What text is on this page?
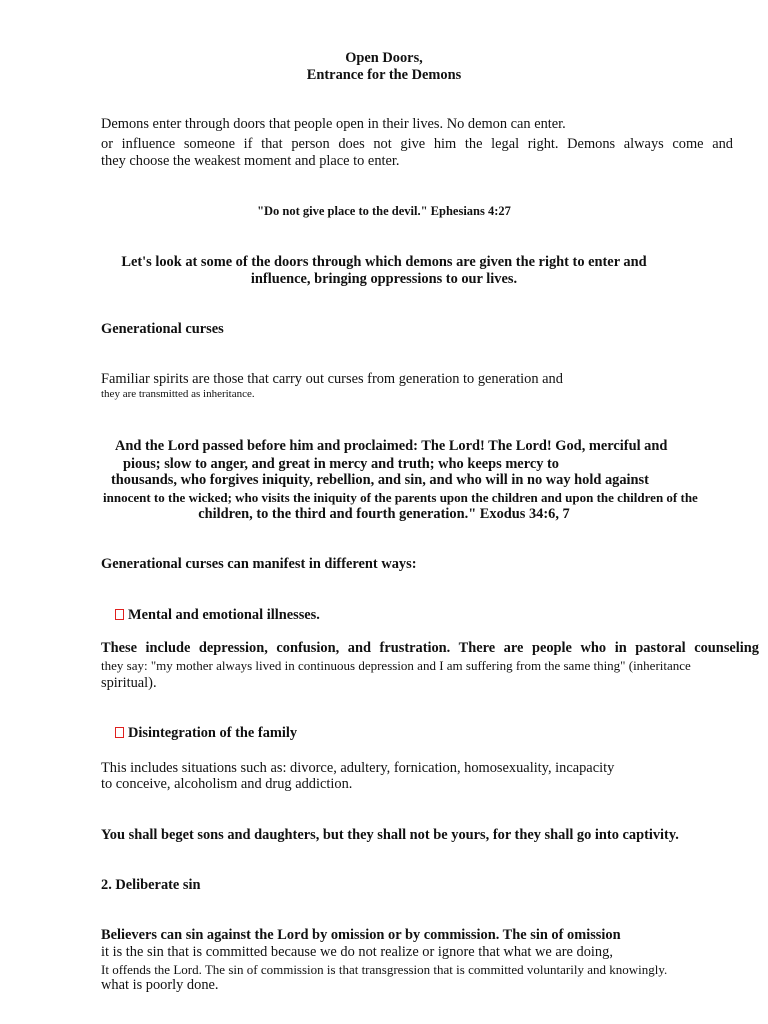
Open Doors,
Entrance for the Demons
Demons enter through doors that people open in their lives. No demon can enter.
or influence someone if that person does not give him the legal right. Demons always come and
they choose the weakest moment and place to enter.
"Do not give place to the devil." Ephesians 4:27
Let's look at some of the doors through which demons are given the right to enter and
influence, bringing oppressions to our lives.
Generational curses
Familiar spirits are those that carry out curses from generation to generation and
they are transmitted as inheritance.
And the Lord passed before him and proclaimed: The Lord! The Lord! God, merciful and
pious; slow to anger, and great in mercy and truth; who keeps mercy to
thousands, who forgives iniquity, rebellion, and sin, and who will in no way hold against
innocent to the wicked; who visits the iniquity of the parents upon the children and upon the children of the
children, to the third and fourth generation." Exodus 34:6, 7
Generational curses can manifest in different ways:
Mental and emotional illnesses.
These include depression, confusion, and frustration. There are people who in pastoral counseling
they say: "my mother always lived in continuous depression and I am suffering from the same thing" (inheritance
spiritual).
Disintegration of the family
This includes situations such as: divorce, adultery, fornication, homosexuality, incapacity
to conceive, alcoholism and drug addiction.
You shall beget sons and daughters, but they shall not be yours, for they shall go into captivity.
2. Deliberate sin
Believers can sin against the Lord by omission or by commission. The sin of omission
it is the sin that is committed because we do not realize or ignore that what we are doing,
It offends the Lord. The sin of commission is that transgression that is committed voluntarily and knowingly.
what is poorly done.
